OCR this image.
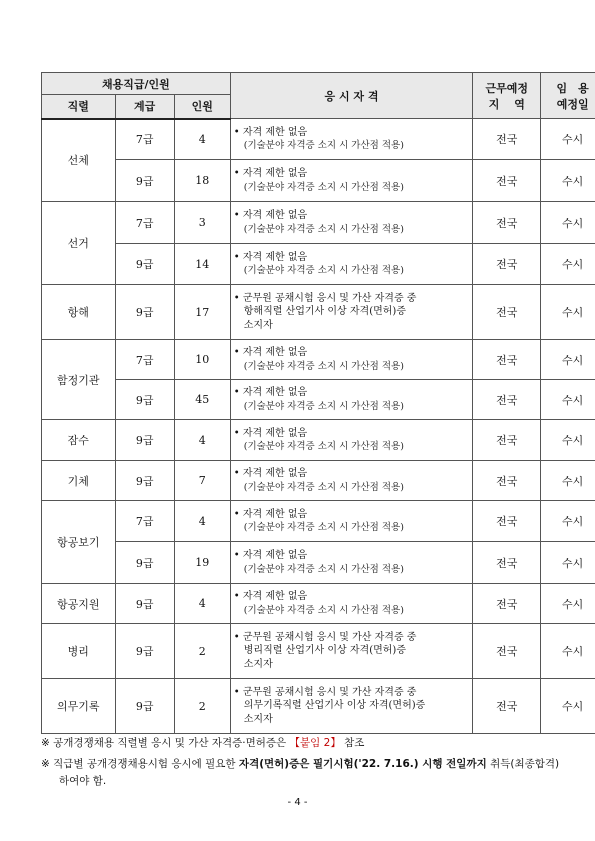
채용직급/인원			응 시 자 격	근무예정
지　 역	임　용
예정일
직렬	계급	인원			
선체	7급	4	• 자격 제한 없음
(기술분야 자격증 소지 시 가산점 적용)	전국	수시
	9급	18	• 자격 제한 없음
(기술분야 자격증 소지 시 가산점 적용)	전국	수시
선거	7급	3	• 자격 제한 없음
(기술분야 자격증 소지 시 가산점 적용)	전국	수시
	9급	14	• 자격 제한 없음
(기술분야 자격증 소지 시 가산점 적용)	전국	수시
항해	9급	17	• 군무원 공채시험 응시 및 가산 자격증 중
항해직렬 산업기사 이상 자격(면허)증
소지자	전국	수시
함정기관	7급	10	• 자격 제한 없음
(기술분야 자격증 소지 시 가산점 적용)	전국	수시
	9급	45	• 자격 제한 없음
(기술분야 자격증 소지 시 가산점 적용)	전국	수시
잠수	9급	4	• 자격 제한 없음
(기술분야 자격증 소지 시 가산점 적용)	전국	수시
기체	9급	7	• 자격 제한 없음
(기술분야 자격증 소지 시 가산점 적용)	전국	수시
항공보기	7급	4	• 자격 제한 없음
(기술분야 자격증 소지 시 가산점 적용)	전국	수시
	9급	19	• 자격 제한 없음
(기술분야 자격증 소지 시 가산점 적용)	전국	수시
항공지원	9급	4	• 자격 제한 없음
(기술분야 자격증 소지 시 가산점 적용)	전국	수시
병리	9급	2	• 군무원 공채시험 응시 및 가산 자격증 중
병리직렬 산업기사 이상 자격(면허)증
소지자	전국	수시
의무기록	9급	2	• 군무원 공채시험 응시 및 가산 자격증 중
의무기록직렬 산업기사 이상 자격(면허)증
소지자	전국	수시
※ 공개경쟁채용 직렬별 응시 및 가산 자격증·면허증은 【붙임 2】 참조
※ 직급별 공개경쟁채용시험 응시에 필요한 자격(면허)증은 필기시험('22. 7.16.) 시행 전일까지 취득(최종합격)하여야 함.
- 4 -
